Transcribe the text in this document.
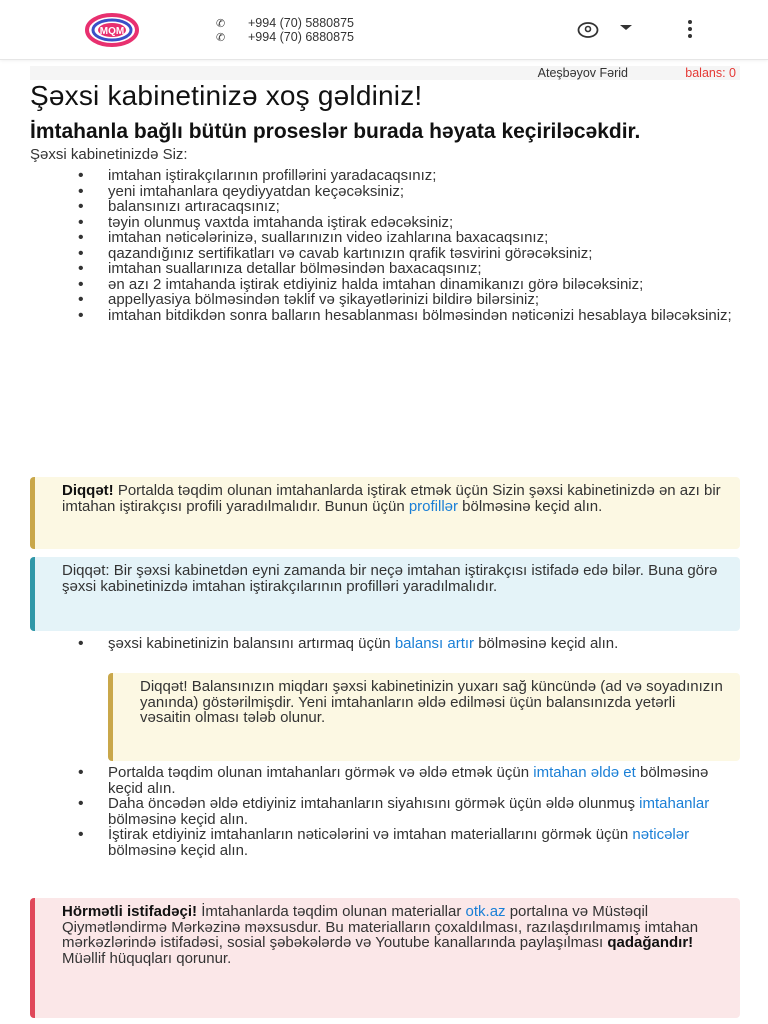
MQM
✆	+994 (70) 5880875
✆	+994 (70) 6880875
Ateşbəyov Fərid	balans: 0
Şəxsi kabinetinizə xoş gəldiniz!
İmtahanla bağlı bütün proseslər burada həyata keçiriləcəkdir.

Şəxsi kabinetinizdə Siz:

• imtahan iştirakçılarının profillərini yaradacaqsınız;
• yeni imtahanlara qeydiyyatdan keçəcəksiniz;
• balansınızı artıracaqsınız;
• təyin olunmuş vaxtda imtahanda iştirak edəcəksiniz;
• imtahan nəticələrinizə, suallarınızın video izahlarına baxacaqsınız;
• qazandığınız sertifikatları və cavab kartınızın qrafik təsvirini görəcəksiniz;
• imtahan suallarınıza detallar bölməsindən baxacaqsınız;
• ən azı 2 imtahanda iştirak etdiyiniz halda imtahan dinamikanızı görə biləcəksiniz;
• appellyasiya bölməsindən təklif və şikayətlərinizi bildirə bilərsiniz;
• imtahan bitdikdən sonra balların hesablanması bölməsindən nəticənizi hesablaya biləcəksiniz;
Diqqət! Portalda təqdim olunan imtahanlarda iştirak etmək üçün Sizin şəxsi kabinetinizdə ən azı bir imtahan iştirakçısı profili yaradılmalıdır. Bunun üçün profillər bölməsinə keçid alın.
Diqqət: Bir şəxsi kabinetdən eyni zamanda bir neçə imtahan iştirakçısı istifadə edə bilər. Buna görə şəxsi kabinetinizdə imtahan iştirakçılarının profilləri yaradılmalıdır.

• şəxsi kabinetinizin balansını artırmaq üçün balansı artır bölməsinə keçid alın.

Diqqət! Balansınızın miqdarı şəxsi kabinetinizin yuxarı sağ küncündə (ad və soyadınızın yanında) göstərilmişdir. Yeni imtahanların əldə edilməsi üçün balansınızda yetərli vəsaitin olması tələb olunur.

• Portalda təqdim olunan imtahanları görmək və əldə etmək üçün imtahan əldə et bölməsinə keçid alın.

• Daha öncədən əldə etdiyiniz imtahanların siyahısını görmək üçün əldə olunmuş imtahanlar bölməsinə keçid alın.

• İştirak etdiyiniz imtahanların nəticələrini və imtahan materiallarını görmək üçün nəticələr bölməsinə keçid alın.

Hörmətli istifadəçi! İmtahanlarda təqdim olunan materiallar otk.az portalına və Müstəqil Qiymətləndirmə Mərkəzinə məxsusdur. Bu materialların çoxaldılması, razılaşdırılmamış imtahan mərkəzlərində istifadəsi, sosial şəbəkələrdə və Youtube kanallarında paylaşılması qadağandır! Müəllif hüquqları qorunur.
